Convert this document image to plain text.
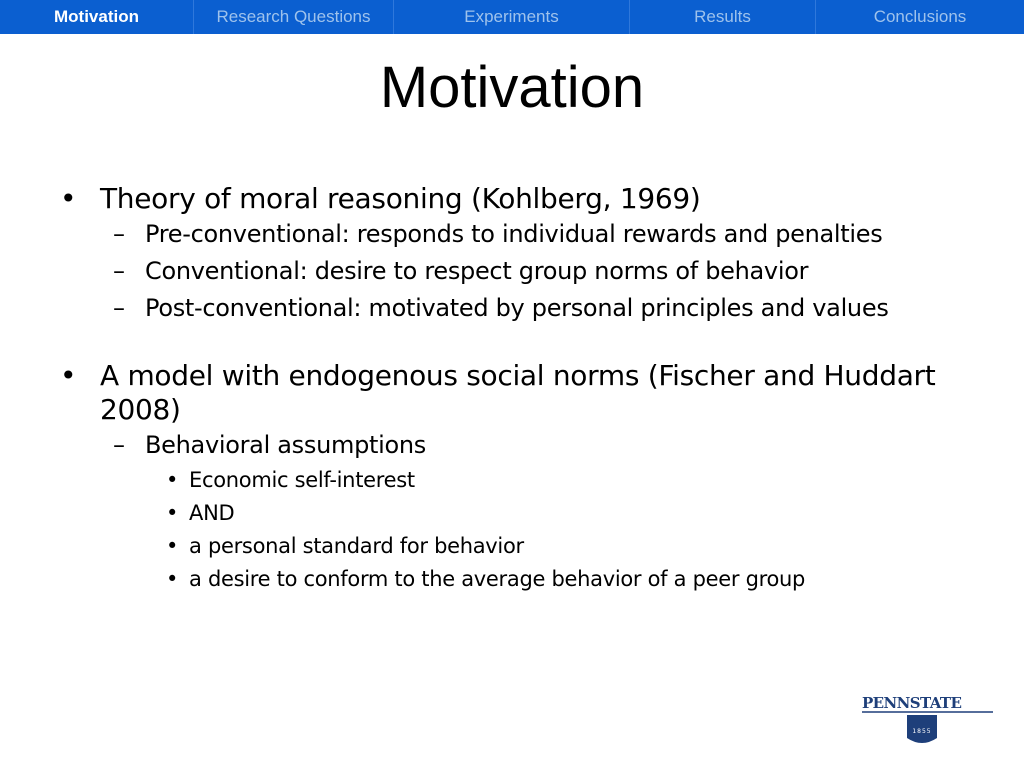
Motivation	Research Questions	Experiments	Results	Conclusions
Motivation
• Theory of moral reasoning (Kohlberg, 1969)
– Pre-conventional: responds to individual rewards and penalties
– Conventional: desire to respect group norms of behavior
– Post-conventional: motivated by personal principles and values
• A model with endogenous social norms (Fischer and Huddart 2008)
– Behavioral assumptions
• Economic self-interest
• AND
• a personal standard for behavior
• a desire to conform to the average behavior of a peer group
PENNSTATE
1855
